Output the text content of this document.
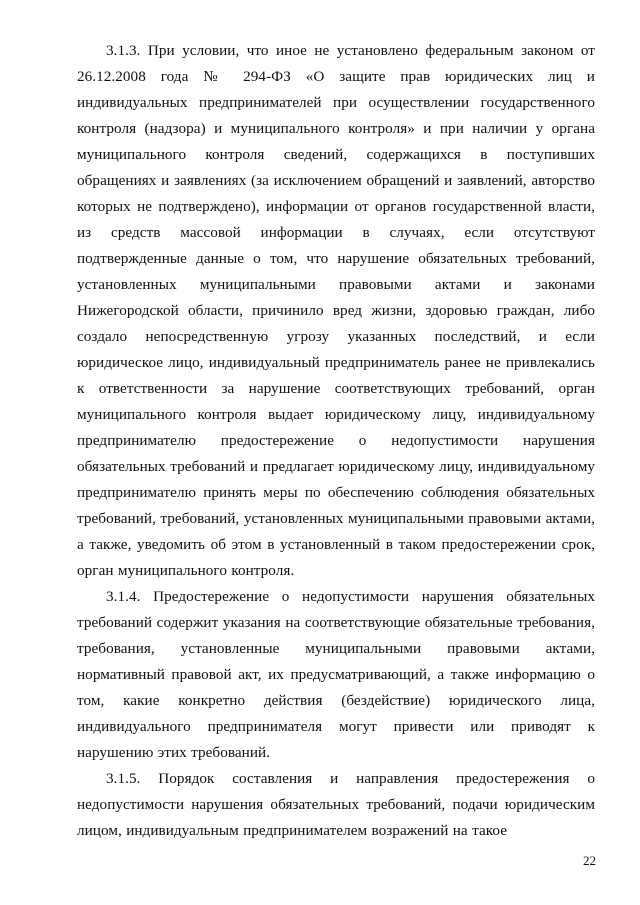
3.1.3. При условии, что иное не установлено федеральным законом от 26.12.2008 года № 294-ФЗ «О защите прав юридических лиц и индивидуальных предпринимателей при осуществлении государственного контроля (надзора) и муниципального контроля» и при наличии у органа муниципального контроля сведений, содержащихся в поступивших обращениях и заявлениях (за исключением обращений и заявлений, авторство которых не подтверждено), информации от органов государственной власти, из средств массовой информации в случаях, если отсутствуют подтвержденные данные о том, что нарушение обязательных требований, установленных муниципальными правовыми актами и законами Нижегородской области, причинило вред жизни, здоровью граждан, либо создало непосредственную угрозу указанных последствий, и если юридическое лицо, индивидуальный предприниматель ранее не привлекались к ответственности за нарушение соответствующих требований, орган муниципального контроля выдает юридическому лицу, индивидуальному предпринимателю предостережение о недопустимости нарушения обязательных требований и предлагает юридическому лицу, индивидуальному предпринимателю принять меры по обеспечению соблюдения обязательных требований, требований, установленных муниципальными правовыми актами, а также, уведомить об этом в установленный в таком предостережении срок, орган муниципального контроля.

3.1.4. Предостережение о недопустимости нарушения обязательных требований содержит указания на соответствующие обязательные требования, требования, установленные муниципальными правовыми актами, нормативный правовой акт, их предусматривающий, а также информацию о том, какие конкретно действия (бездействие) юридического лица, индивидуального предпринимателя могут привести или приводят к нарушению этих требований.

3.1.5. Порядок составления и направления предостережения о недопустимости нарушения обязательных требований, подачи юридическим лицом, индивидуальным предпринимателем возражений на такое

22
